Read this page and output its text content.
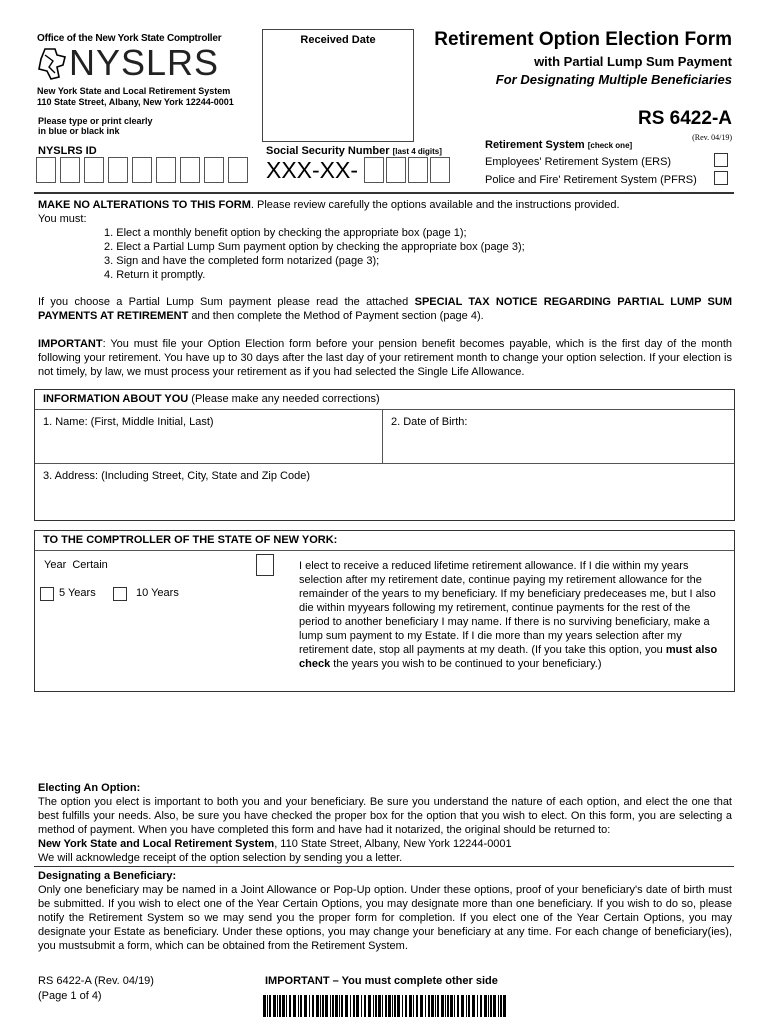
Office of the New York State Comptroller
NYSLRS
New York State and Local Retirement System
110 State Street, Albany, New York 12244-0001
Received Date	Retirement Option Election Form
with Partial Lump Sum Payment
For Designating Multiple Beneficiaries
RS 6422-A
(Rev. 04/19)
Please type or print clearly
in blue or black ink
NYSLRS ID	Social Security Number [last 4 digits]
XXX-XX-
Retirement System [check one]
Employees' Retirement System (ERS)
Police and Fire' Retirement System (PFRS)

MAKE NO ALTERATIONS TO THIS FORM. Please review carefully the options available and the instructions provided.

You must:

1. Elect a monthly benefit option by checking the appropriate box (page 1);
2. Elect a Partial Lump Sum payment option by checking the appropriate box (page 3);
3. Sign and have the completed form notarized (page 3);
4. Return it promptly.

If you choose a Partial Lump Sum payment please read the attached SPECIAL TAX NOTICE REGARDING PARTIAL LUMP SUM PAYMENTS AT RETIREMENT and then complete the Method of Payment section (page 4).

IMPORTANT: You must file your Option Election form before your pension benefit becomes payable, which is the first day of the month following your retirement. You have up to 30 days after the last day of your retirement month to change your option selection. If your election is not timely, by law, we must process your retirement as if you had selected the Single Life Allowance.

INFORMATION ABOUT YOU (Please make any needed corrections)
1. Name: (First, Middle Initial, Last)	2. Date of Birth:
3. Address: (Including Street, City, State and Zip Code)
TO THE COMPTROLLER OF THE STATE OF NEW YORK:
Year  Certain
5 Years	10 Years
I elect to receive a reduced lifetime retirement allowance. If I die within my years selection after my retirement date, continue paying my retirement allowance for the remainder of the years to my beneficiary. If my beneficiary predeceases me, but I also die within myyears following my retirement, continue payments for the rest of the period to another beneficiary I may name. If there is no surviving beneficiary, make a lump sum payment to my Estate. If I die more than my years selection after my retirement date, stop all payments at my death. (If you take this option, you must also check the years you wish to be continued to your beneficiary.)

Electing An Option:

The option you elect is important to both you and your beneficiary. Be sure you understand the nature of each option, and elect the one that best fulfills your needs. Also, be sure you have checked the proper box for the option that you wish to elect. On this form, you are selecting a method of payment. When you have completed this form and have had it notarized, the original should be returned to:

New York State and Local Retirement System, 110 State Street, Albany, New York 12244-0001

We will acknowledge receipt of the option selection by sending you a letter.

Designating a Beneficiary:

Only one beneficiary may be named in a Joint Allowance or Pop-Up option. Under these options, proof of your beneficiary's date of birth must be submitted. If you wish to elect one of the Year Certain Options, you may designate more than one beneficiary. If you wish to do so, please notify the Retirement System so we may send you the proper form for completion. If you elect one of the Year Certain Options, you may designate your Estate as beneficiary. Under these options, you may change your beneficiary at any time. For each change of beneficiary(ies), you mustsubmit a form, which can be obtained from the Retirement System.

RS 6422-A (Rev. 04/19)
(Page 1 of 4)
IMPORTANT – You must complete other side
